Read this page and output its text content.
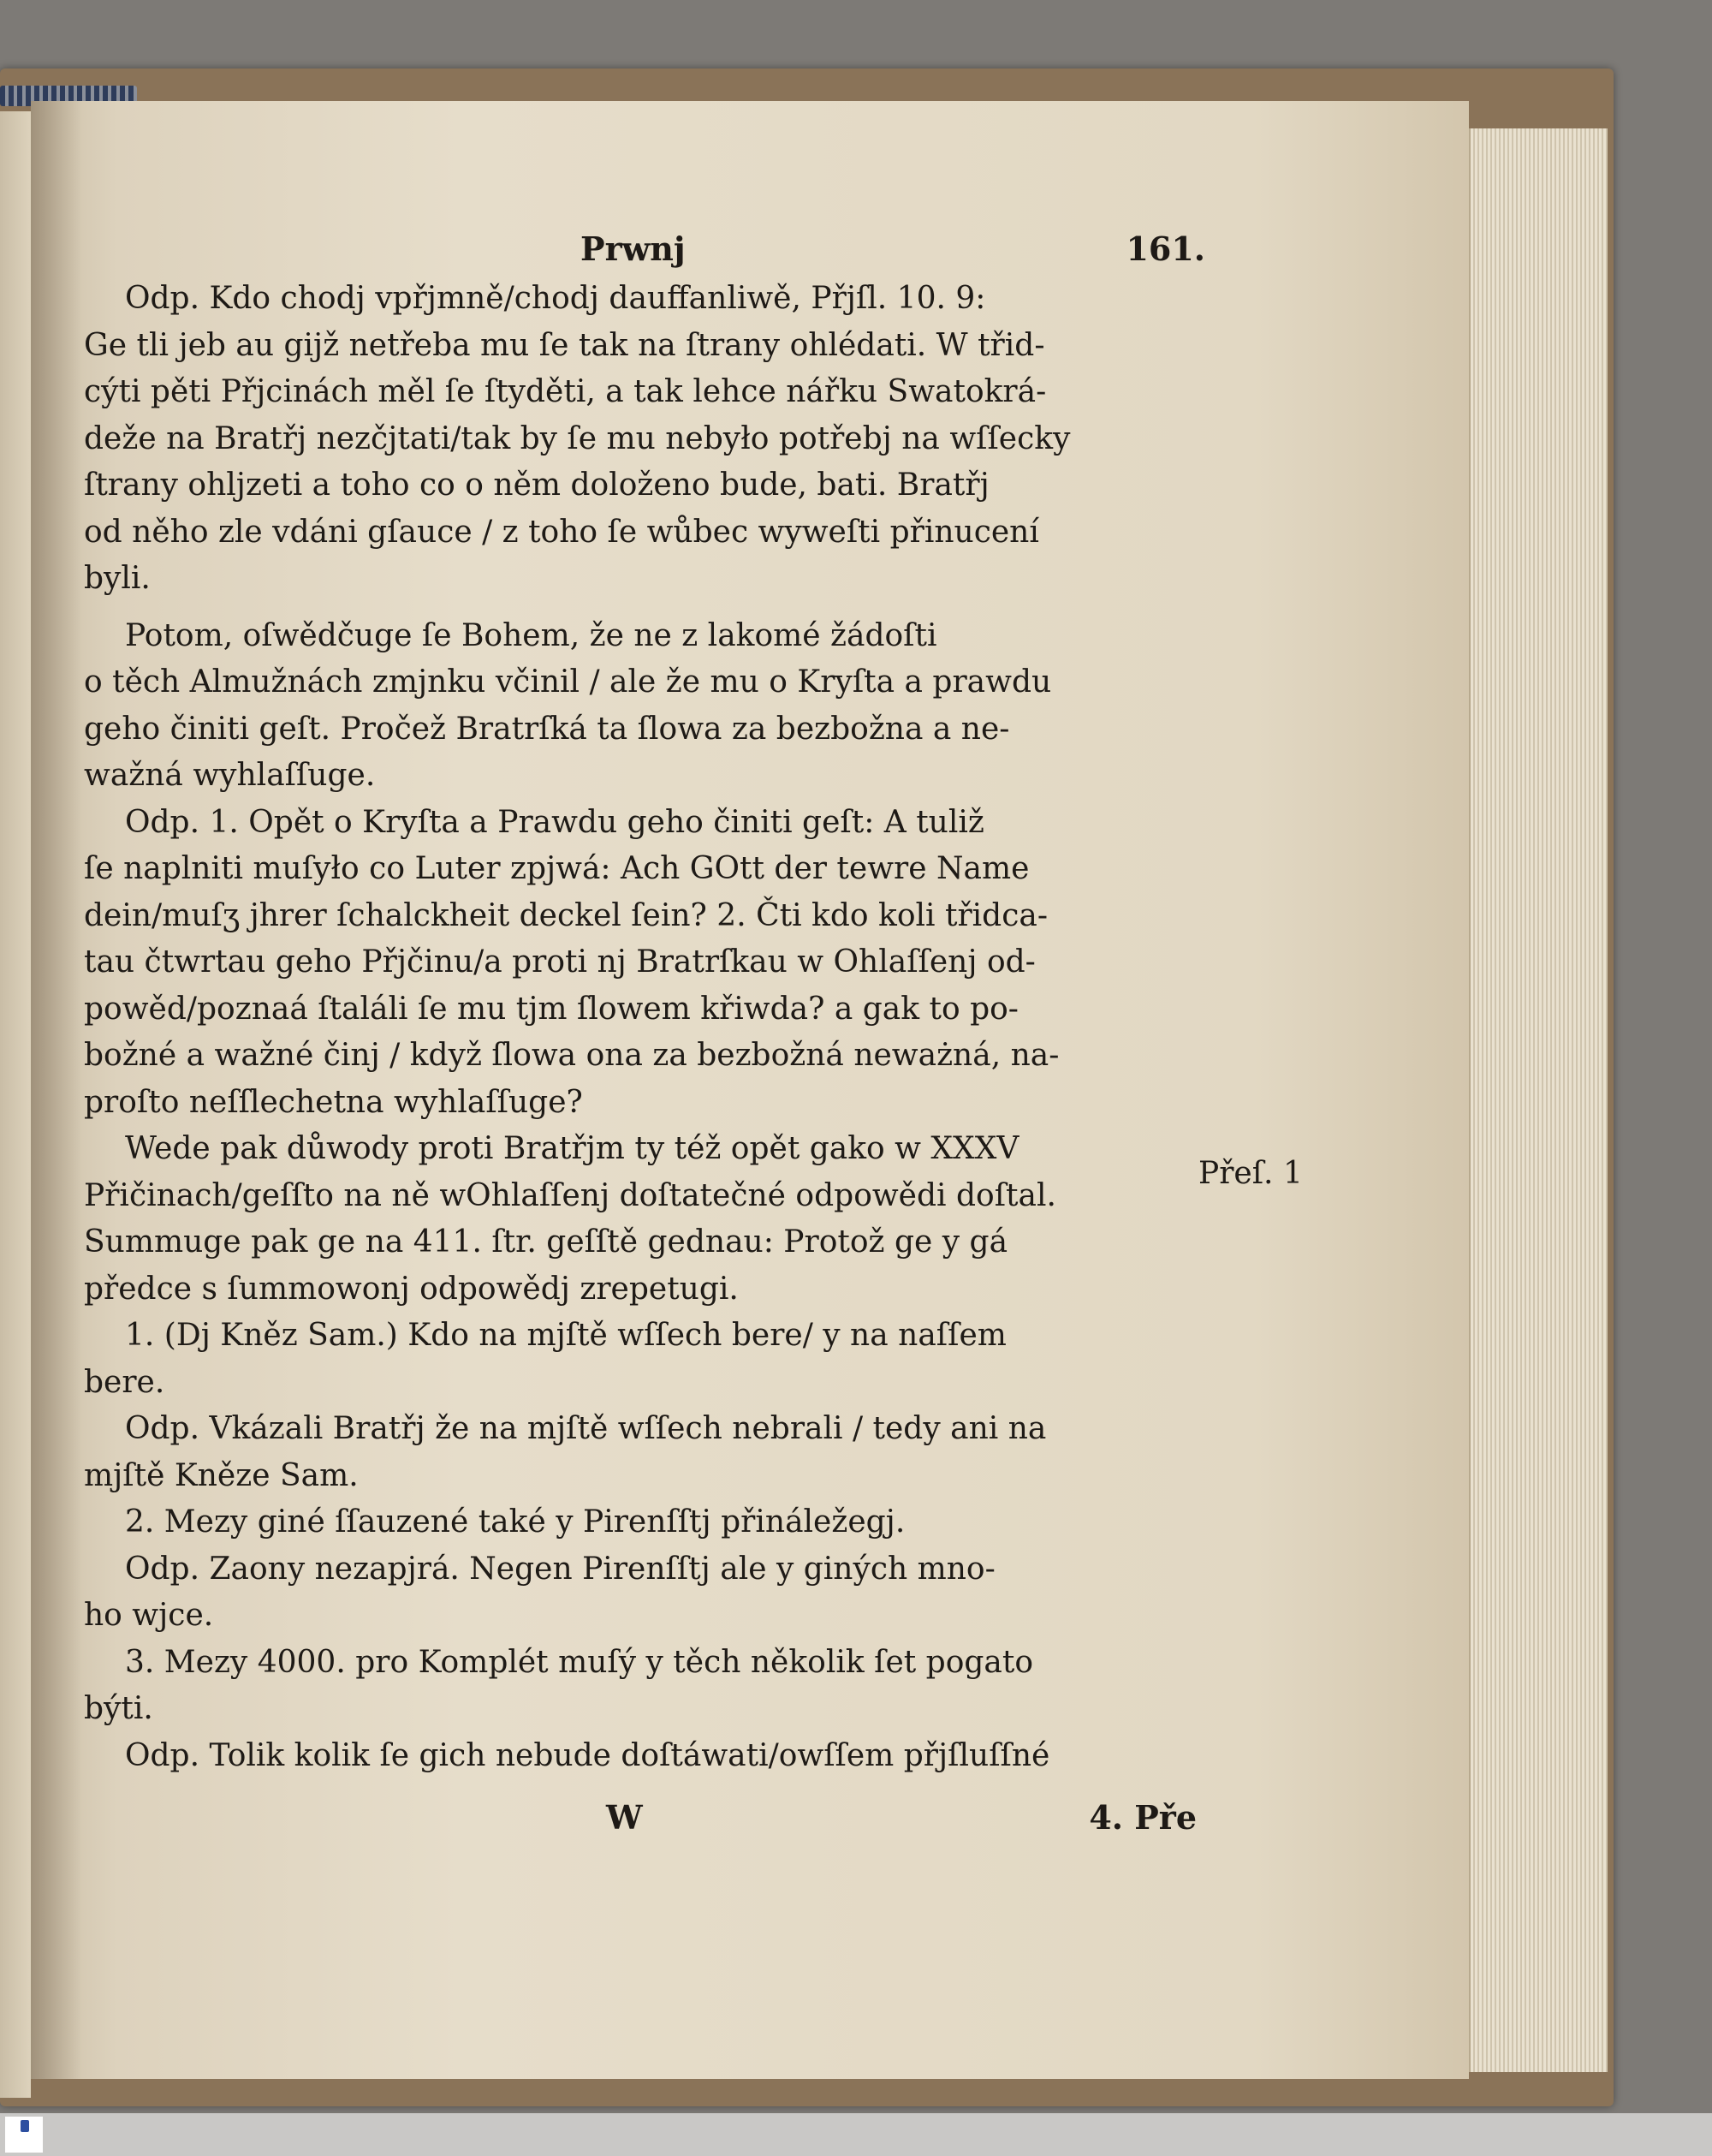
Prwnj	161.

Odp. Kdo chodj vpřjmně/chodj dauffanliwě, Přjſl. 10. 9:

Ge tli jeb au gijž netřeba mu ſe tak na ſtrany ohlédati. W třid-

cýti pěti Přjcinách měl ſe ſtyděti, a tak lehce nářku Swatokrá-

deže na Bratřj nezčjtati/tak by ſe mu nebyło potřebj na wſſecky

ſtrany ohljzeti a toho co o něm doloženo bude, bati. Bratřj

od něho zle vdáni gſauce / z toho ſe wůbec wyweſti přinucení

byli.

Potom, oſwědčuge ſe Bohem, že ne z lakomé žádoſti

o těch Almužnách zmjnku včinil / ale že mu o Kryſta a prawdu

geho činiti geſt. Pročež Bratrſká ta ſlowa za bezbožna a ne-

wažná wyhlaſſuge.

Odp. 1. Opět o Kryſta a Prawdu geho činiti geſt: A tuliž

ſe naplniti muſyło co Luter zpjwá: Ach GOtt der tewre Name

dein/muſʒ jhrer ſchalckheit deckel ſein? 2. Čti kdo koli třidca-

tau čtwrtau geho Přjčinu/a proti nj Bratrſkau w Ohlaſſenj od-

powěd/poznaá ſtaláli ſe mu tjm ſlowem křiwda? a gak to po-

božné a wažné činj / když ſlowa ona za bezbožná neważná, na-

proſto neſſlechetna wyhlaſſuge?

Wede pak důwody proti Bratřjm ty též opět gako w XXXV

Přičinach/geſſto na ně wOhlaſſenj doſtatečné odpowědi doſtal.

Summuge pak ge na 411. ſtr. geſſtě gednau: Protož ge y gá

předce s ſummowonj odpowědj zrepetugi.

1. (Dj Kněz Sam.) Kdo na mjſtě wſſech bere/ y na naſſem

bere.

Odp. Vkázali Bratřj že na mjſtě wſſech nebrali / tedy ani na

mjſtě Kněze Sam.

2. Mezy giné ſſauzené také y Pirenſſtj přináležegj.

Odp. Zaony nezapjrá. Negen Pirenſſtj ale y giných mno-

ho wjce.

3. Mezy 4000. pro Komplét muſý y těch několik ſet pogato

býti.

Odp. Tolik kolik ſe gich nebude doſtáwati/owſſem přjſluſſné

Přeſ. 1
W	4. Pře
